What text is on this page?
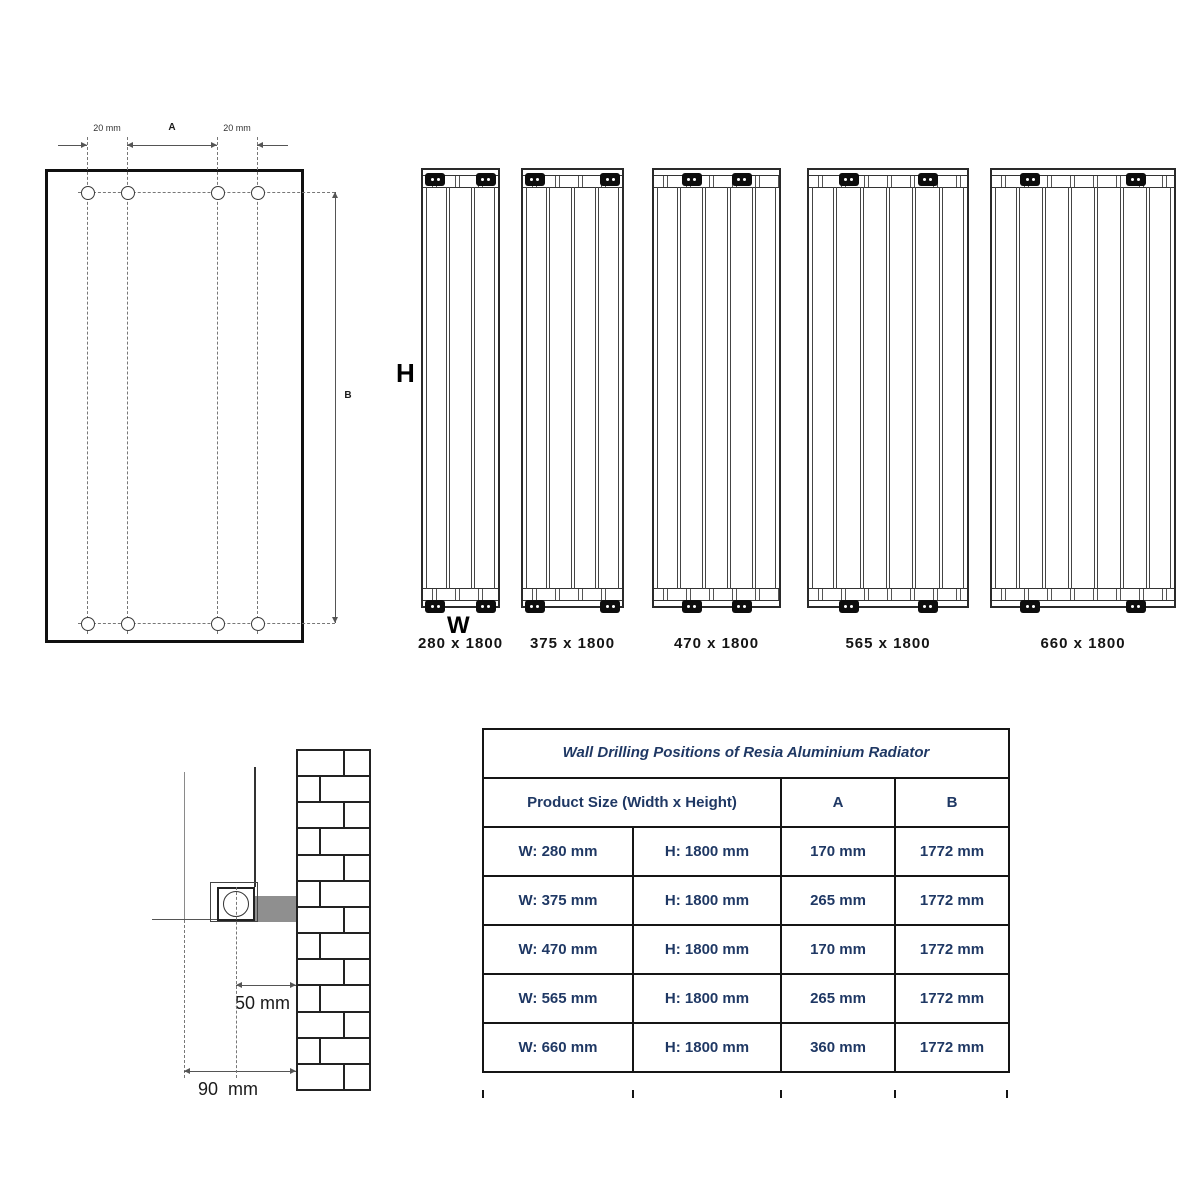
20 mm	A	20 mm
B
H
W
280 x 1800 375 x 1800	470 x 1800	565 x 1800	660 x 1800
50 mm
90  mm
Wall Drilling Positions of Resia Aluminium Radiator			
Product Size (Width x Height)		A	B
W: 280 mm	H: 1800 mm	170 mm	1772 mm
W: 375 mm	H: 1800 mm	265 mm	1772 mm
W: 470 mm	H: 1800 mm	170 mm	1772 mm
W: 565 mm	H: 1800 mm	265 mm	1772 mm
W: 660 mm	H: 1800 mm	360 mm	1772 mm
